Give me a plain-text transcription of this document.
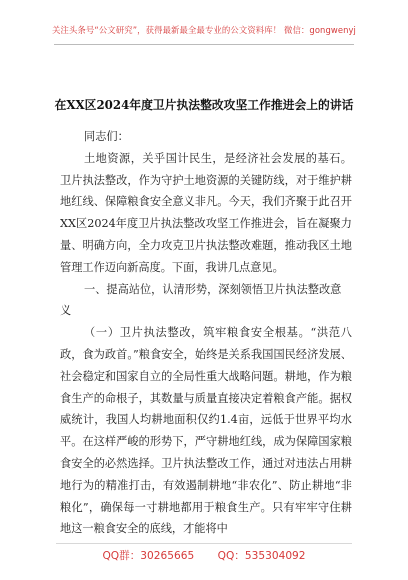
关注头条号“公文研究”，获得最新最全最专业的公文资料库！ 微信：gongwenyj
在XX区2024年度卫片执法整改攻坚工作推进会上的讲话

同志们：

土地资源，关乎国计民生，是经济社会发展的基石。卫片执法整改，作为守护土地资源的关键防线，对于维护耕地红线、保障粮食安全意义非凡。今天，我们齐聚于此召开XX区2024年度卫片执法整改攻坚工作推进会，旨在凝聚力量、明确方向，全力攻克卫片执法整改难题，推动我区土地管理工作迈向新高度。下面，我讲几点意见。

一、提高站位，认清形势，深刻领悟卫片执法整改意义

（一）卫片执法整改，筑牢粮食安全根基。“洪范八政，食为政首。”粮食安全，始终是关系我国国民经济发展、社会稳定和国家自立的全局性重大战略问题。耕地，作为粮食生产的命根子，其数量与质量直接决定着粮食产能。据权威统计，我国人均耕地面积仅约1.4亩，远低于世界平均水平。在这样严峻的形势下，严守耕地红线，成为保障国家粮食安全的必然选择。卫片执法整改工作，通过对违法占用耕地行为的精准打击，有效遏制耕地“非农化”、防止耕地“非粮化”，确保每一寸耕地都用于粮食生产。只有牢牢守住耕地这一粮食安全的底线，才能将中

QQ群：30265665 QQ：535304092
